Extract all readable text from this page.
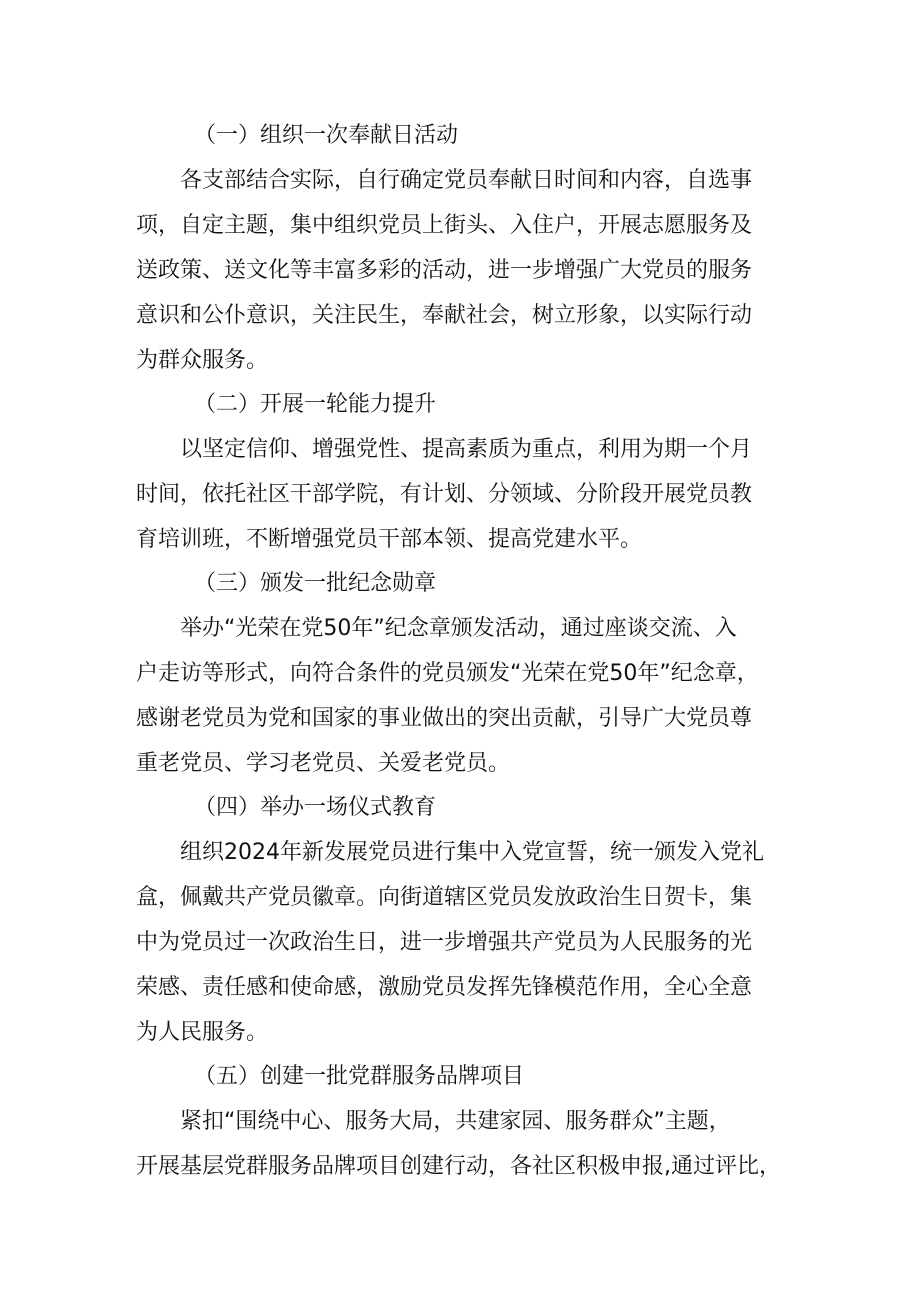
（一）组织一次奉献日活动

各支部结合实际，自行确定党员奉献日时间和内容，自选事
项，自定主题，集中组织党员上街头、入住户，开展志愿服务及
送政策、送文化等丰富多彩的活动，进一步增强广大党员的服务
意识和公仆意识，关注民生，奉献社会，树立形象，以实际行动
为群众服务。

（二）开展一轮能力提升

以坚定信仰、增强党性、提高素质为重点，利用为期一个月
时间，依托社区干部学院，有计划、分领域、分阶段开展党员教
育培训班，不断增强党员干部本领、提高党建水平。

（三）颁发一批纪念勋章

举办“光荣在党50年”纪念章颁发活动，通过座谈交流、入
户走访等形式，向符合条件的党员颁发“光荣在党50年”纪念章，
感谢老党员为党和国家的事业做出的突出贡献，引导广大党员尊
重老党员、学习老党员、关爱老党员。

（四）举办一场仪式教育

组织2024年新发展党员进行集中入党宣誓，统一颁发入党礼
盒，佩戴共产党员徽章。向街道辖区党员发放政治生日贺卡，集
中为党员过一次政治生日，进一步增强共产党员为人民服务的光
荣感、责任感和使命感，激励党员发挥先锋模范作用，全心全意
为人民服务。

（五）创建一批党群服务品牌项目

紧扣“围绕中心、服务大局，共建家园、服务群众”主题，
开展基层党群服务品牌项目创建行动，各社区积极申报,通过评比，
